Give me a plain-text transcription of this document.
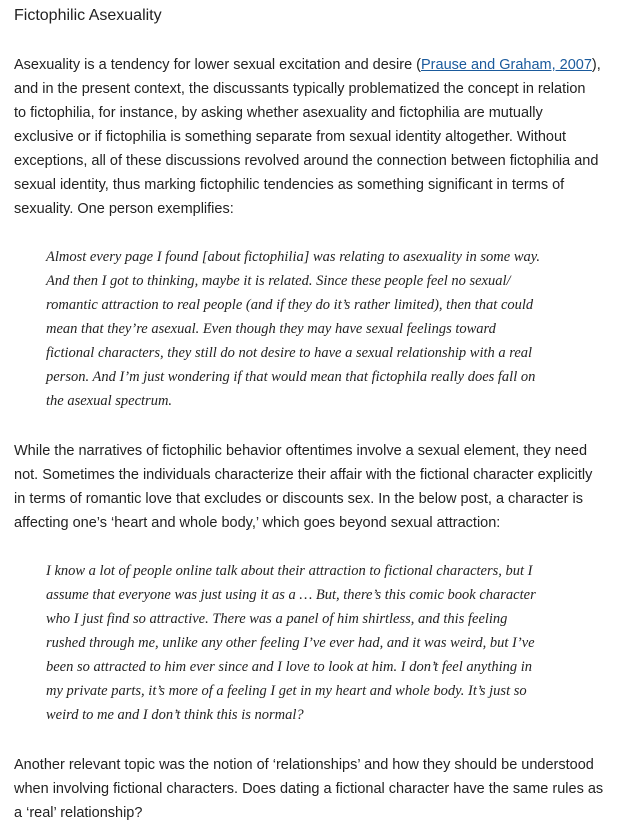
Fictophilic Asexuality

Asexuality is a tendency for lower sexual excitation and desire (Prause and Graham, 2007),
and in the present context, the discussants typically problematized the concept in relation
to fictophilia, for instance, by asking whether asexuality and fictophilia are mutually
exclusive or if fictophilia is something separate from sexual identity altogether. Without
exceptions, all of these discussions revolved around the connection between fictophilia and
sexual identity, thus marking fictophilic tendencies as something significant in terms of
sexuality. One person exemplifies:

Almost every page I found [about fictophilia] was relating to asexuality in some way.
And then I got to thinking, maybe it is related. Since these people feel no sexual/
romantic attraction to real people (and if they do it’s rather limited), then that could
mean that they’re asexual. Even though they may have sexual feelings toward
fictional characters, they still do not desire to have a sexual relationship with a real
person. And I’m just wondering if that would mean that fictophila really does fall on
the asexual spectrum.

While the narratives of fictophilic behavior oftentimes involve a sexual element, they need
not. Sometimes the individuals characterize their affair with the fictional character explicitly
in terms of romantic love that excludes or discounts sex. In the below post, a character is
affecting one’s ‘heart and whole body,’ which goes beyond sexual attraction:

I know a lot of people online talk about their attraction to fictional characters, but I
assume that everyone was just using it as a … But, there’s this comic book character
who I just find so attractive. There was a panel of him shirtless, and this feeling
rushed through me, unlike any other feeling I’ve ever had, and it was weird, but I’ve
been so attracted to him ever since and I love to look at him. I don’t feel anything in
my private parts, it’s more of a feeling I get in my heart and whole body. It’s just so
weird to me and I don’t think this is normal?

Another relevant topic was the notion of ‘relationships’ and how they should be understood
when involving fictional characters. Does dating a fictional character have the same rules as
a ‘real’ relationship?
